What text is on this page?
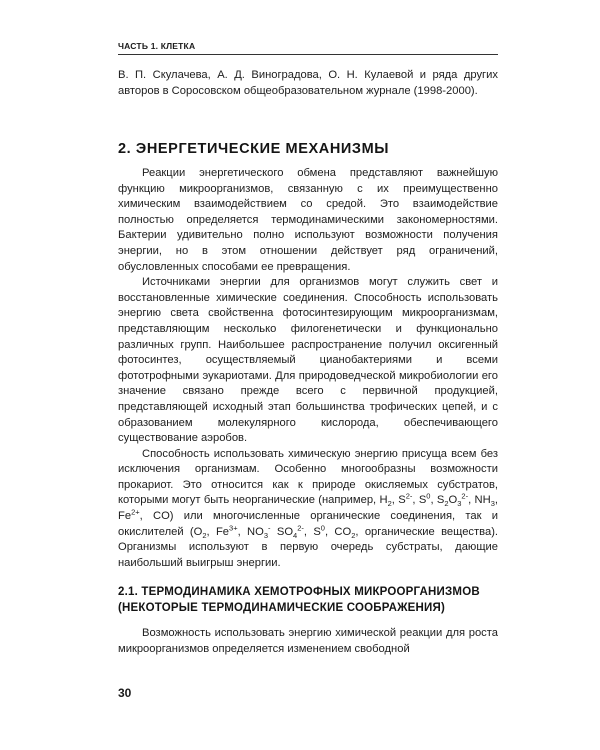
ЧАСТЬ 1. КЛЕТКА

В. П. Скулачева, А. Д. Виноградова, О. Н. Кулаевой и ряда других авторов в Соросовском общеобразовательном журнале (1998-2000).

2. ЭНЕРГЕТИЧЕСКИЕ МЕХАНИЗМЫ

Реакции энергетического обмена представляют важнейшую функцию микроорганизмов, связанную с их преимущественно химическим взаимодействием со средой. Это взаимодействие полностью определяется термодинамическими закономерностями. Бактерии удивительно полно используют возможности получения энергии, но в этом отношении действует ряд ограничений, обусловленных способами ее превращения.

Источниками энергии для организмов могут служить свет и восстановленные химические соединения. Способность использовать энергию света свойственна фотосинтезирующим микроорганизмам, представляющим несколько филогенетически и функционально различных групп. Наибольшее распространение получил оксигенный фотосинтез, осуществляемый цианобактериями и всеми фототрофными эукариотами. Для природоведческой микробиологии его значение связано прежде всего с первичной продукцией, представляющей исходный этап большинства трофических цепей, и с образованием молекулярного кислорода, обеспечивающего существование аэробов.

Способность использовать химическую энергию присуща всем без исключения организмам. Особенно многообразны возможности прокариот. Это относится как к природе окисляемых субстратов, которыми могут быть неорганические (например, $H_2$, $S^{2-}$, $S^0$, $S_2O_3^{2-}$, $NH_3$, $Fe^{2+}$, CO) или многочисленные органические соединения, так и окислителей ($O_2$, $Fe^{3+}$, $NO_3^-$ $SO_4^{2-}$, $S^0$, $CO_2$, органические вещества). Организмы используют в первую очередь субстраты, дающие наибольший выигрыш энергии.

2.1. ТЕРМОДИНАМИКА ХЕМОТРОФНЫХ МИКРООРГАНИЗМОВ
(НЕКОТОРЫЕ ТЕРМОДИНАМИЧЕСКИЕ СООБРАЖЕНИЯ)

Возможность использовать энергию химической реакции для роста микроорганизмов определяется изменением свободной

30
